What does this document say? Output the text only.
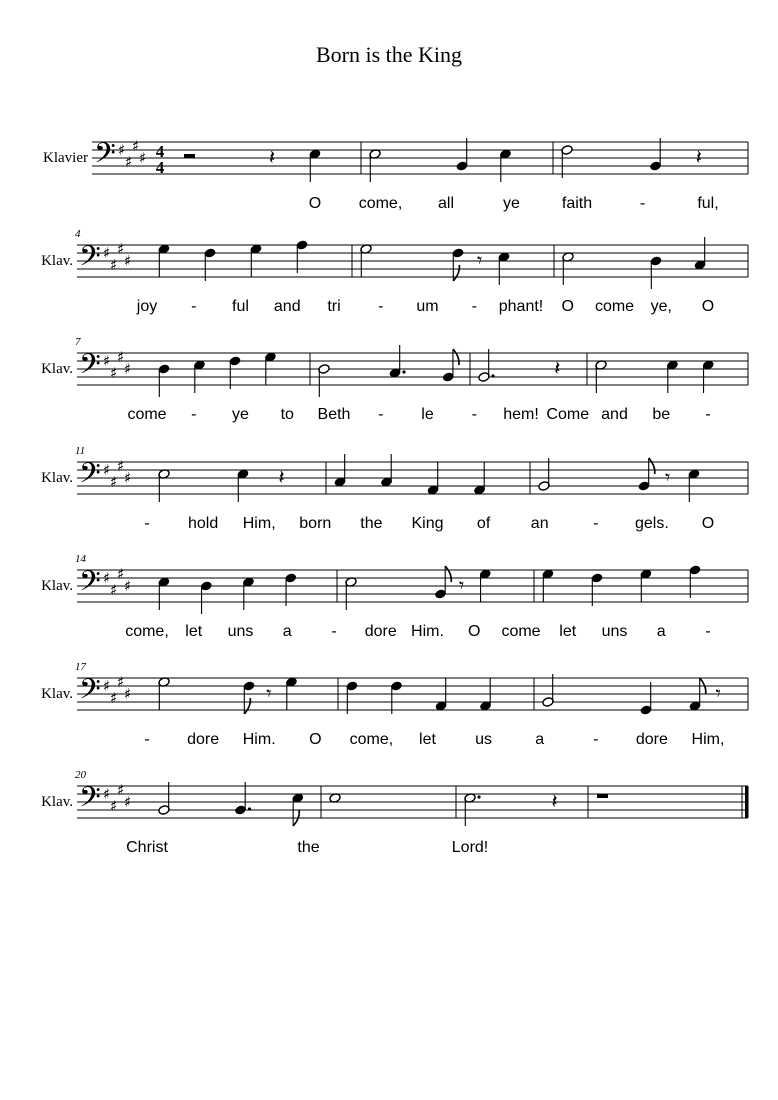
Born is the King
Klavier 𝄢 ♯
♯
♯
♯ 4
4	𝄽	𝄽
O come, all	ye	faith	-	ful,
Klav.
4
𝄢 ♯
♯
♯
♯	𝄾
joy - ful and tri - um - phant! O come ye, O
Klav.
7
𝄢 ♯
♯
♯
♯	𝄽
come - ye to Beth - le - hem! Come and be -
Klav.
11
𝄢 ♯
♯
♯
♯	𝄽	𝄾
- hold Him, born the King of	an	- gels. O
Klav.
14
𝄢 ♯
♯
♯
♯	𝄾
come, let uns a - dore Him. O come let uns a -
Klav.
17
𝄢 ♯
♯
♯
♯	𝄾	𝄾
- dore Him. O come, let us	a	- dore Him,
Klav.
20
𝄢 ♯
♯
♯
♯	𝄽
Christ	the	Lord!
